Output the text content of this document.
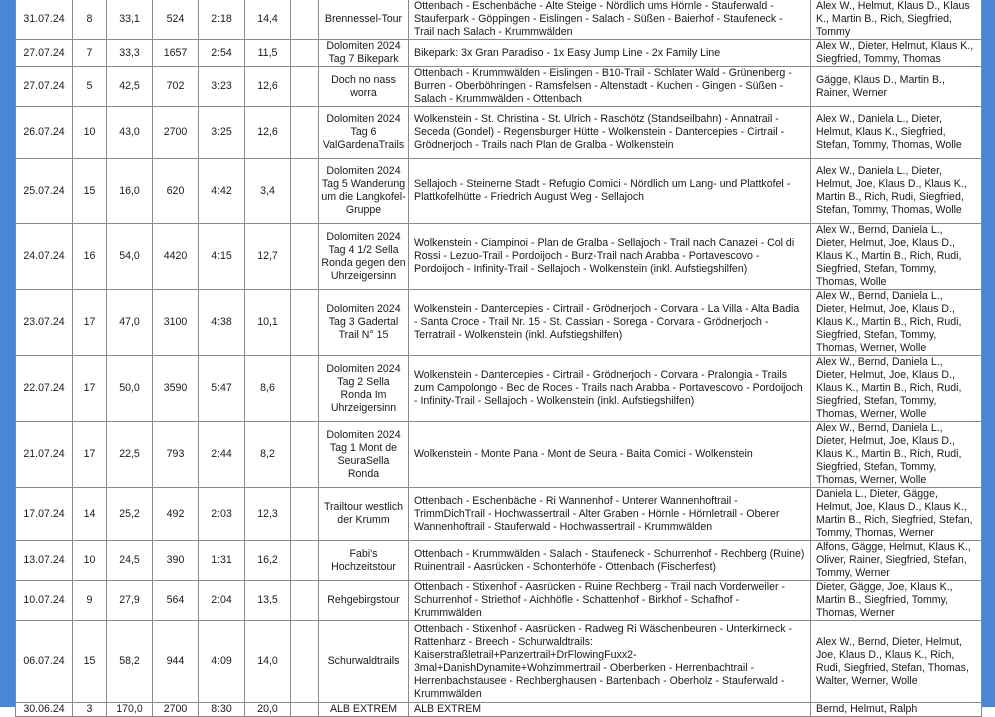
31.07.24	8	33,1	524	2:18	14,4		Brennessel-Tour	Ottenbach - Eschenbäche - Alte Steige - Nördlich ums Hörnle - Stauferwald - Stauferpark - Göppingen - Eislingen - Salach - Süßen - Baierhof - Staufeneck - Trail nach Salach - Krummwälden	Alex W., Helmut, Klaus D., Klaus K., Martin B., Rich, Siegfried, Tommy
27.07.24	7	33,3	1657	2:54	11,5		Dolomiten 2024 Tag 7 Bikepark	Bikepark: 3x Gran Paradiso - 1x Easy Jump Line - 2x Family Line	Alex W., Dieter, Helmut, Klaus K., Siegfried, Tommy, Thomas
27.07.24	5	42,5	702	3:23	12,6		Doch no nass worra	Ottenbach - Krummwälden - Eislingen - B10-Trail - Schlater Wald - Grünenberg - Burren - Oberböhringen - Ramsfelsen - Altenstadt - Kuchen - Gingen - Süßen - Salach - Krummwälden - Ottenbach	Gägge, Klaus D., Martin B., Rainer, Werner
26.07.24	10	43,0	2700	3:25	12,6		Dolomiten 2024 Tag 6 ValGardenaTrails	Wolkenstein - St. Christina - St. Ulrich - Raschötz (Standseilbahn) - Annatrail - Seceda (Gondel) - Regensburger Hütte - Wolkenstein - Dantercepies - Cirtrail - Grödnerjoch - Trails nach Plan de Gralba - Wolkenstein	Alex W., Daniela L., Dieter, Helmut, Klaus K., Siegfried, Stefan, Tommy, Thomas, Wolle
25.07.24	15	16,0	620	4:42	3,4		Dolomiten 2024 Tag 5 Wanderung um die Langkofel-Gruppe	Sellajoch - Steinerne Stadt - Refugio Comici - Nördlich um Lang- und Plattkofel - Plattkofelhütte - Friedrich August Weg - Sellajoch	Alex W., Daniela L., Dieter, Helmut, Joe, Klaus D., Klaus K., Martin B., Rich, Rudi, Siegfried, Stefan, Tommy, Thomas, Wolle
24.07.24	16	54,0	4420	4:15	12,7		Dolomiten 2024 Tag 4 1/2 Sella Ronda gegen den Uhrzeigersinn	Wolkenstein - Ciampinoi - Plan de Gralba - Sellajoch - Trail nach Canazei - Col di Rossi - Lezuo-Trail - Pordoijoch - Burz-Trail nach Arabba - Portavescovo - Pordoijoch - Infinity-Trail - Sellajoch - Wolkenstein (inkl. Aufstiegshilfen)	Alex W., Bernd, Daniela L., Dieter, Helmut, Joe, Klaus D., Klaus K., Martin B., Rich, Rudi, Siegfried, Stefan, Tommy, Thomas, Wolle
23.07.24	17	47,0	3100	4:38	10,1		Dolomiten 2024 Tag 3 Gadertal Trail N° 15	Wolkenstein - Dantercepies - Cirtrail - Grödnerjoch - Corvara - La Villa - Alta Badia - Santa Croce - Trail Nr. 15 - St. Cassian - Sorega - Corvara - Grödnerjoch - Terratrail - Wolkenstein (inkl. Aufstiegshilfen)	Alex W., Bernd, Daniela L., Dieter, Helmut, Joe, Klaus D., Klaus K., Martin B., Rich, Rudi, Siegfried, Stefan, Tommy, Thomas, Werner, Wolle
22.07.24	17	50,0	3590	5:47	8,6		Dolomiten 2024 Tag 2 Sella Ronda Im Uhrzeigersinn	Wolkenstein - Dantercepies - Cirtrail - Grödnerjoch - Corvara - Pralongia - Trails zum Campolongo - Bec de Roces - Trails nach Arabba - Portavescovo - Pordoijoch - Infinity-Trail - Sellajoch - Wolkenstein (inkl. Aufstiegshilfen)	Alex W., Bernd, Daniela L., Dieter, Helmut, Joe, Klaus D., Klaus K., Martin B., Rich, Rudi, Siegfried, Stefan, Tommy, Thomas, Werner, Wolle
21.07.24	17	22,5	793	2:44	8,2		Dolomiten 2024 Tag 1 Mont de SeuraSella Ronda	Wolkenstein - Monte Pana - Mont de Seura - Baita Comici - Wolkenstein	Alex W., Bernd, Daniela L., Dieter, Helmut, Joe, Klaus D., Klaus K., Martin B., Rich, Rudi, Siegfried, Stefan, Tommy, Thomas, Werner, Wolle
17.07.24	14	25,2	492	2:03	12,3		Trailtour westlich der Krumm	Ottenbach - Eschenbäche - Ri Wannenhof - Unterer Wannenhoftrail - TrimmDichTrail - Hochwassertrail - Alter Graben - Hörnle - Hörnletrail - Oberer Wannenhoftrail - Stauferwald - Hochwassertrail - Krummwälden	Daniela L., Dieter, Gägge, Helmut, Joe, Klaus D., Klaus K., Martin B., Rich, Siegfried, Stefan, Tommy, Thomas, Werner
13.07.24	10	24,5	390	1:31	16,2		Fabi's Hochzeitstour	Ottenbach - Krummwälden - Salach - Staufeneck - Schurrenhof - Rechberg (Ruine) Ruinentrail - Aasrücken - Schonterhöfe - Ottenbach (Fischerfest)	Alfons, Gägge, Helmut, Klaus K., Oliver, Rainer, Siegfried, Stefan, Tommy, Werner
10.07.24	9	27,9	564	2:04	13,5		Rehgebirgstour	Ottenbach - Stixenhof - Aasrücken - Ruine Rechberg - Trail nach Vorderweiler - Schurrenhof - Striethof - Aichhöfle - Schattenhof - Birkhof - Schafhof - Krummwälden	Dieter, Gägge, Joe, Klaus K., Martin B., Siegfried, Tommy, Thomas, Werner
06.07.24	15	58,2	944	4:09	14,0		Schurwaldtrails	Ottenbach - Stixenhof - Aasrücken - Radweg Ri Wäschenbeuren - Unterkirneck - Rattenharz - Breech - Schurwaldtrails: Kaiserstraßletrail+Panzertrail+DrFlowingFuxx2-3mal+DanishDynamite+Wohzimmertrail - Oberberken - Herrenbachtrail - Herrenbachstausee - Rechberghausen - Bartenbach - Oberholz - Stauferwald - Krummwälden	Alex W., Bernd, Dieter, Helmut, Joe, Klaus D., Klaus K., Rich, Rudi, Siegfried, Stefan, Thomas, Walter, Werner, Wolle
30.06.24	3	170,0	2700	8:30	20,0		ALB EXTREM	ALB EXTREM	Bernd, Helmut, Ralph
